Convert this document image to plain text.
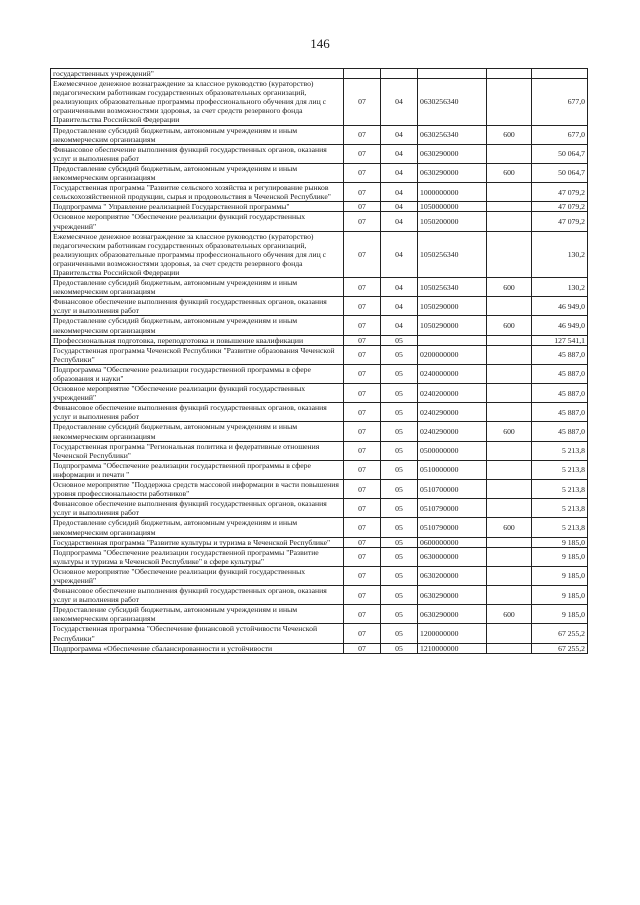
146
государственных учреждений"					
Ежемесячное денежное вознаграждение за классное руководство (кураторство) педагогическим работникам государственных образовательных организаций, реализующих образовательные программы профессионального обучения для лиц с ограниченными возможностями здоровья, за счет средств резервного фонда Правительства Российской Федерации	07	04	0630256340		677,0
Предоставление субсидий бюджетным, автономным учреждениям и иным некоммерческим организациям	07	04	0630256340	600	677,0
Финансовое обеспечение выполнения функций государственных органов, оказания услуг и выполнения работ	07	04	0630290000		50 064,7
Предоставление субсидий бюджетным, автономным учреждениям и иным некоммерческим организациям	07	04	0630290000	600	50 064,7
Государственная программа "Развитие сельского хозяйства и регулирование рынков сельскохозяйственной продукции, сырья и продовольствия в Чеченской Республике"	07	04	1000000000		47 079,2
Подпрограмма " Управление реализацией Государственной программы"	07	04	1050000000		47 079,2
Основное мероприятие "Обеспечение реализации функций государственных учреждений"	07	04	1050200000		47 079,2
Ежемесячное денежное вознаграждение за классное руководство (кураторство) педагогическим работникам государственных образовательных организаций, реализующих образовательные программы профессионального обучения для лиц с ограниченными возможностями здоровья, за счет средств резервного фонда Правительства Российской Федерации	07	04	1050256340		130,2
Предоставление субсидий бюджетным, автономным учреждениям и иным некоммерческим организациям	07	04	1050256340	600	130,2
Финансовое обеспечение выполнения функций государственных органов, оказания услуг и выполнения работ	07	04	1050290000		46 949,0
Предоставление субсидий бюджетным, автономным учреждениям и иным некоммерческим организациям	07	04	1050290000	600	46 949,0
Профессиональная подготовка, переподготовка и повышение квалификации	07	05			127 541,1
Государственная программа Чеченской Республики "Развитие образования Чеченской Республики"	07	05	0200000000		45 887,0
Подпрограмма "Обеспечение реализации государственной программы в сфере образования и науки"	07	05	0240000000		45 887,0
Основное мероприятие "Обеспечение реализации функций государственных учреждений"	07	05	0240200000		45 887,0
Финансовое обеспечение выполнения функций государственных органов, оказания услуг и выполнения работ	07	05	0240290000		45 887,0
Предоставление субсидий бюджетным, автономным учреждениям и иным некоммерческим организациям	07	05	0240290000	600	45 887,0
Государственная программа "Региональная политика и федеративные отношения Чеченской Республики"	07	05	0500000000		5 213,8
Подпрограмма "Обеспечение реализации государственной программы в сфере информации и печати "	07	05	0510000000		5 213,8
Основное мероприятие "Поддержка средств массовой информации в части повышения уровня профессиональности работников"	07	05	0510700000		5 213,8
Финансовое обеспечение выполнения функций государственных органов, оказания услуг и выполнения работ	07	05	0510790000		5 213,8
Предоставление субсидий бюджетным, автономным учреждениям и иным некоммерческим организациям	07	05	0510790000	600	5 213,8
Государственная программа "Развитие культуры и туризма в Чеченской Республике"	07	05	0600000000		9 185,0
Подпрограмма "Обеспечение реализации государственной программы "Развитие культуры и туризма в Чеченской Республике" в сфере культуры"	07	05	0630000000		9 185,0
Основное мероприятие "Обеспечение реализации функций государственных учреждений"	07	05	0630200000		9 185,0
Финансовое обеспечение выполнения функций государственных органов, оказания услуг и выполнения работ	07	05	0630290000		9 185,0
Предоставление субсидий бюджетным, автономным учреждениям и иным некоммерческим организациям	07	05	0630290000	600	9 185,0
Государственная программа "Обеспечение финансовой устойчивости Чеченской Республики"	07	05	1200000000		67 255,2
Подпрограмма «Обеспечение сбалансированности и устойчивости	07	05	1210000000		67 255,2
